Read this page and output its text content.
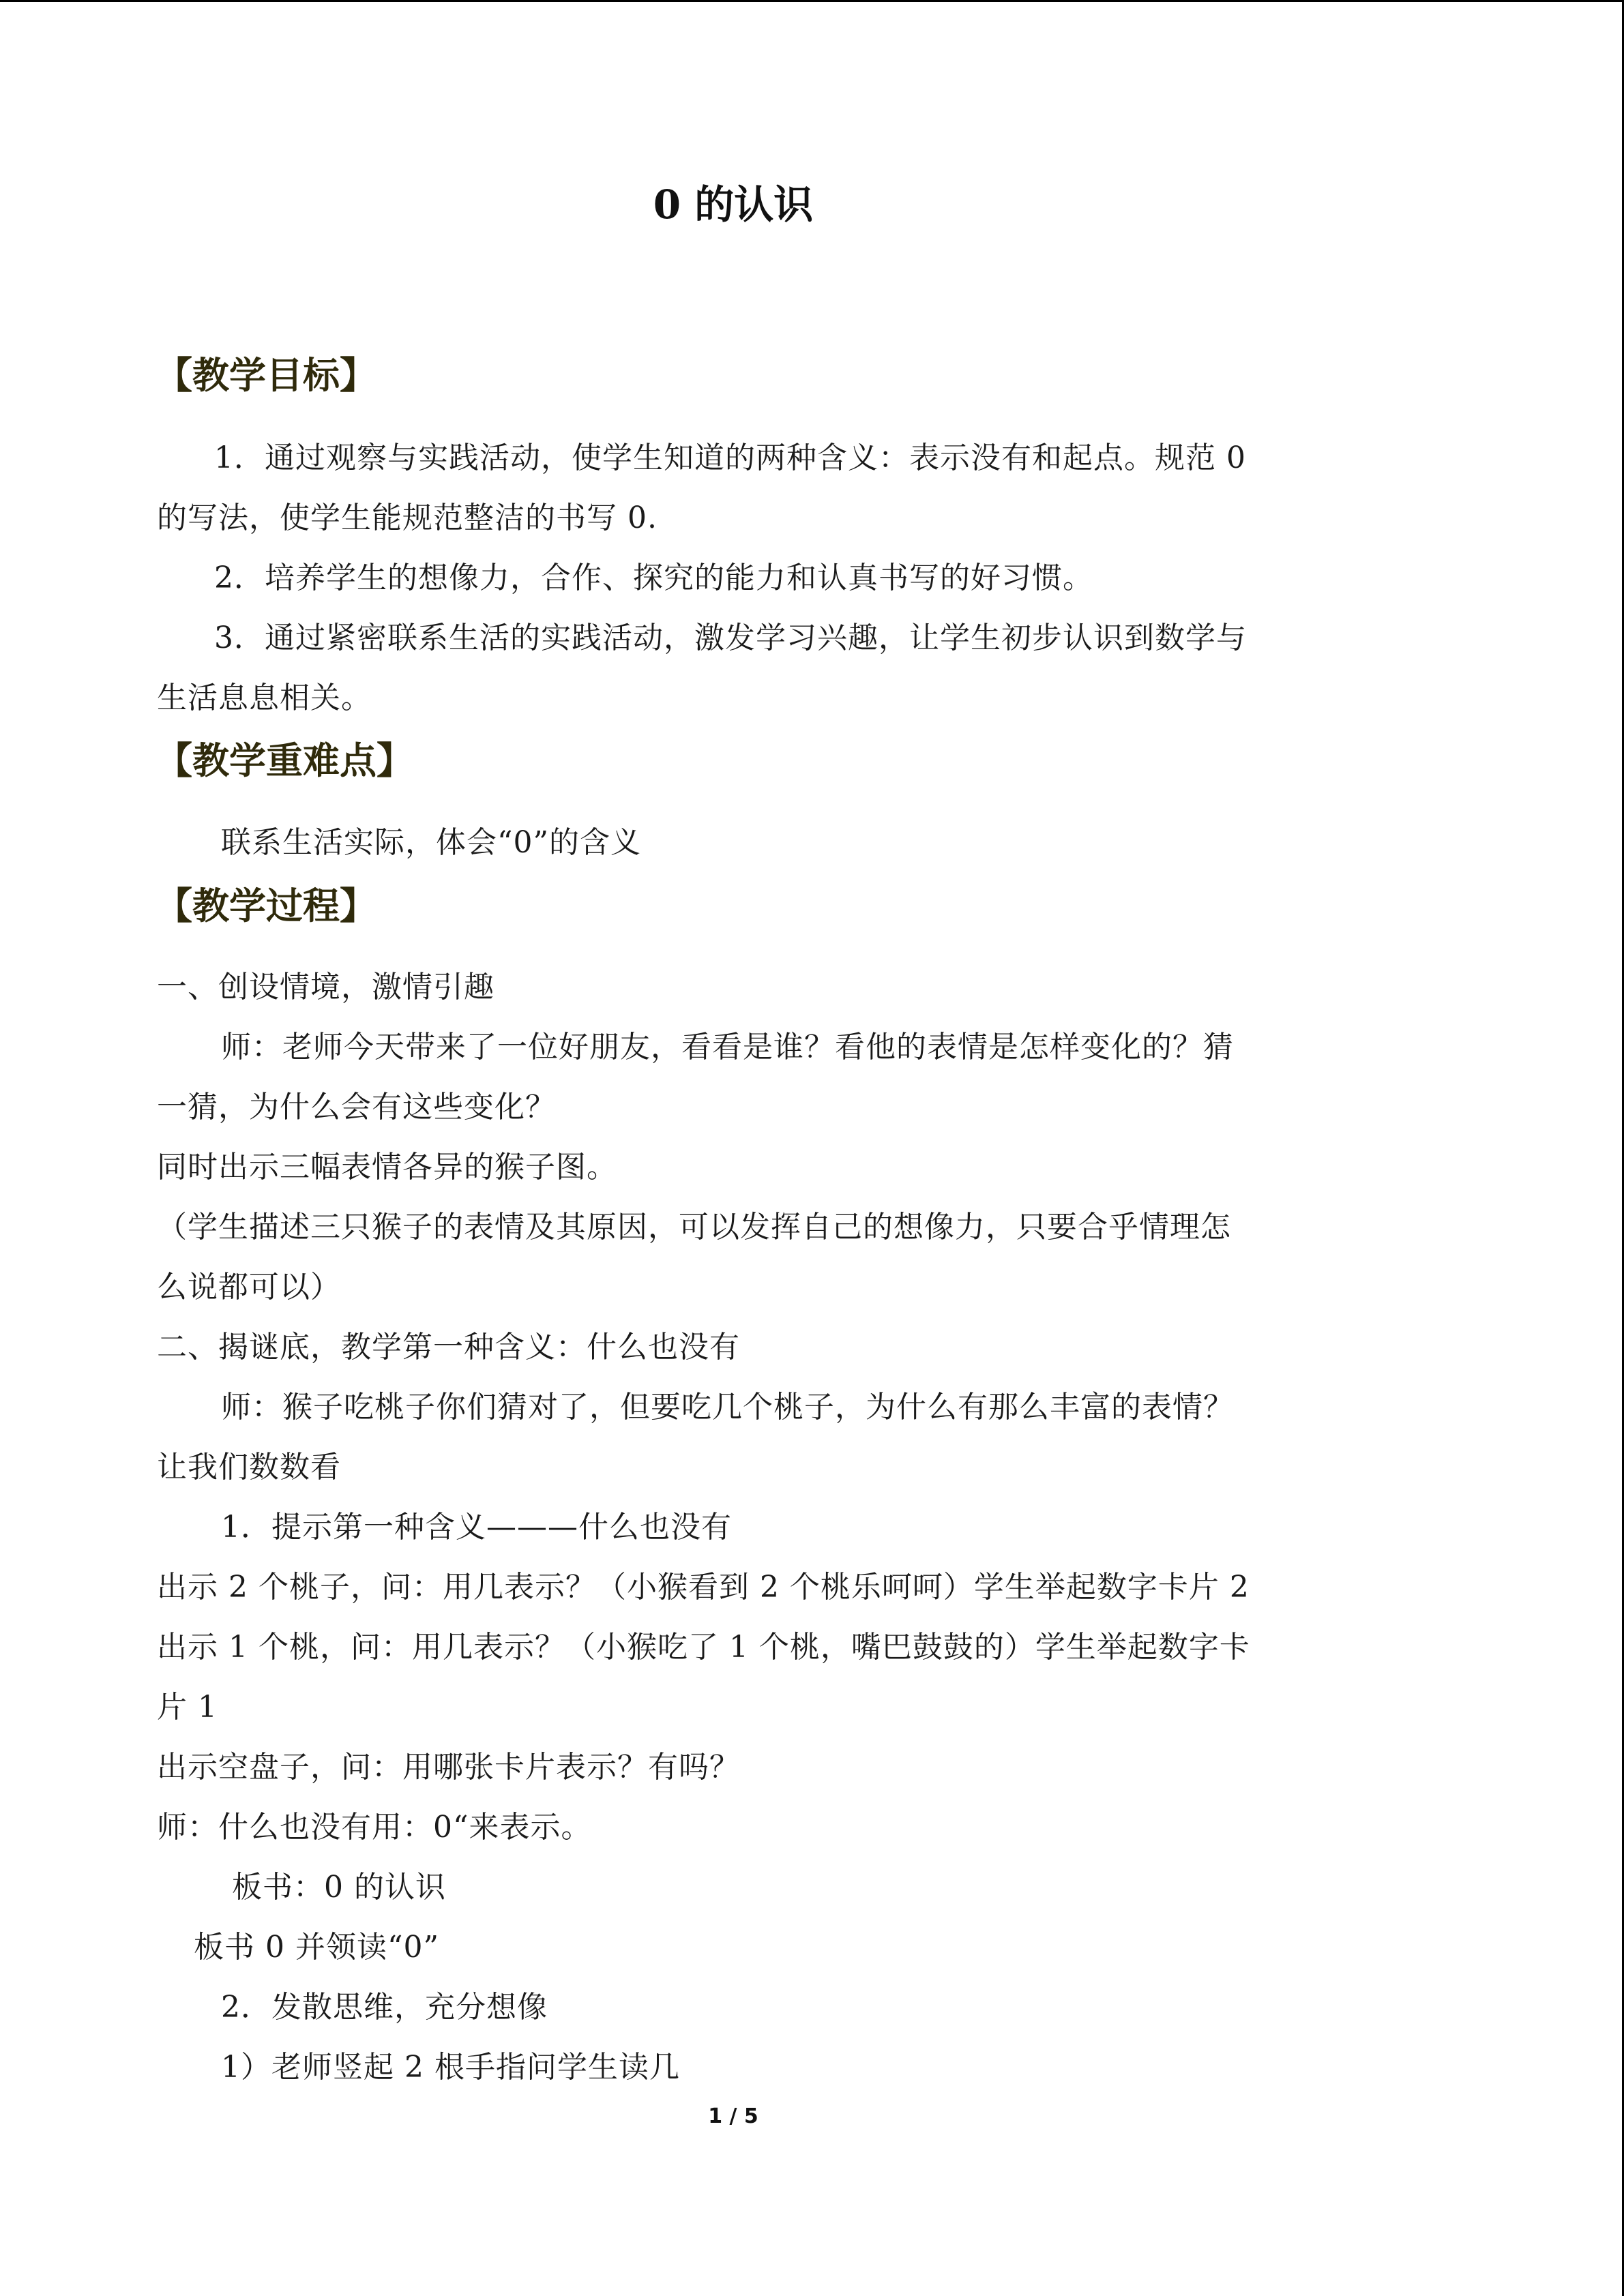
0 的认识
【教学目标】
1．通过观察与实践活动，使学生知道的两种含义：表示没有和起点。规范 0
的写法，使学生能规范整洁的书写 0.
2．培养学生的想像力，合作、探究的能力和认真书写的好习惯。
3．通过紧密联系生活的实践活动，激发学习兴趣，让学生初步认识到数学与
生活息息相关。
【教学重难点】
联系生活实际，体会“0”的含义
【教学过程】
一、创设情境，激情引趣
师：老师今天带来了一位好朋友，看看是谁？看他的表情是怎样变化的？猜
一猜，为什么会有这些变化？
同时出示三幅表情各异的猴子图。
（学生描述三只猴子的表情及其原因，可以发挥自己的想像力，只要合乎情理怎
么说都可以）
二、揭谜底，教学第一种含义：什么也没有
师：猴子吃桃子你们猜对了，但要吃几个桃子，为什么有那么丰富的表情？
让我们数数看
1．提示第一种含义———什么也没有
出示 2 个桃子，问：用几表示？（小猴看到 2 个桃乐呵呵）学生举起数字卡片 2
出示 1 个桃，问：用几表示？（小猴吃了 1 个桃，嘴巴鼓鼓的）学生举起数字卡
片 1
出示空盘子，问：用哪张卡片表示？有吗？
师：什么也没有用：0“来表示。
板书：0 的认识
板书 0 并领读“0”
2．发散思维，充分想像
1）老师竖起 2 根手指问学生读几
1 / 5
